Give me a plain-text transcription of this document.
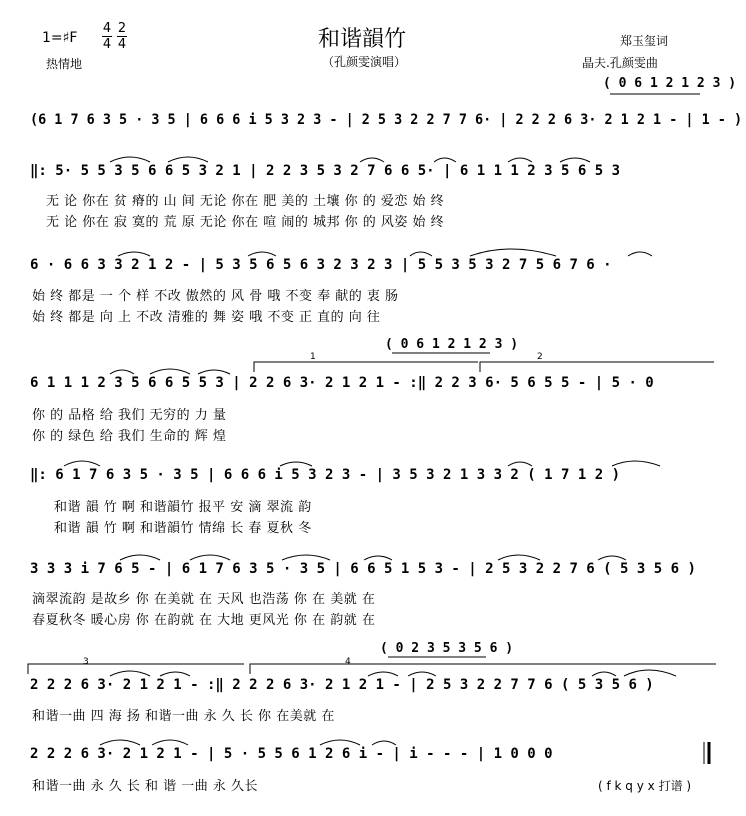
1=♯F
4
4
2
4	和谐韻竹
（孔颜雯演唱）
郑玉玺词
晶夫.孔颜雯曲
热情地
( 0 6 1 2 1 2 3 )
(6 1 7 6 3 5 · 3 5 | 6 6 6 i 5 3 2 3 - | 2 5 3 2 2 7 7 6· | 2 2 2 6 3· 2 1 2 1 - | 1 - )
‖: 5· 5 5 3 5 6 6 5 3 2 1 | 2 2 3 5 3 2 7 6 6 5· | 6 1 1 1 2 3 5 6 5 3
无 论 你在 贫 瘠的 山 间 无论 你在 肥 美的 土壤 你 的 爱恋 始 终
无 论 你在 寂 寞的 荒 原 无论 你在 喧 闹的 城邦 你 的 风姿 始 终
6 · 6 6 3 3 2 1 2 - | 5 3 5 6 5 6 3 2 3 2 3 | 5 5 3 5 3 2 7 5 6 7 6 ·
始 终 都是 一 个 样 不改 傲然的 风 骨 哦 不变 奉 献的 衷 肠
始 终 都是 向 上 不改 清雅的 舞 姿 哦 不变 正 直的 向 往
( 0 6 1 2 1 2 3 )
1	2
6 1 1 1 2 3 5 6 6 5 5 3 | 2 2 6 3· 2 1 2 1 - :‖ 2 2 3 6· 5 6 5 5 - | 5 · 0
你 的 品格 给 我们 无穷的 力 量
你 的 绿色 给 我们 生命的 辉 煌
‖: 6 1 7 6 3 5 · 3 5 | 6 6 6 i 5 3 2 3 - | 3 5 3 2 1 3 3 2 ( 1 7 1 2 )
和谐 韻 竹 啊 和谐韻竹 报平 安 滴 翠流 韵
和谐 韻 竹 啊 和谐韻竹 情绵 长 春 夏秋 冬
3 3 3 i 7 6 5 - | 6 1 7 6 3 5 · 3 5 | 6 6 5 1 5 3 - | 2 5 3 2 2 7 6 ( 5 3 5 6 )
滴翠流韵 是故乡 你 在美就 在 天风 也浩荡 你 在 美就 在
春夏秋冬 暖心房 你 在韵就 在 大地 更风光 你 在 韵就 在
( 0 2 3 5 3 5 6 )
3	4
2 2 2 6 3· 2 1 2 1 - :‖ 2 2 2 6 3· 2 1 2 1 - | 2 5 3 2 2 7 7 6 ( 5 3 5 6 )
和谐一曲 四 海 扬 和谐一曲 永 久 长 你 在美就 在
2 2 2 6 3· 2 1 2 1 - | 5 · 5 5 6 1 2 6 i - | i - - - | 1 0 0 0
和谐一曲 永 久 长 和 谐 一曲 永 久长	( f k q y x 打谱 )
